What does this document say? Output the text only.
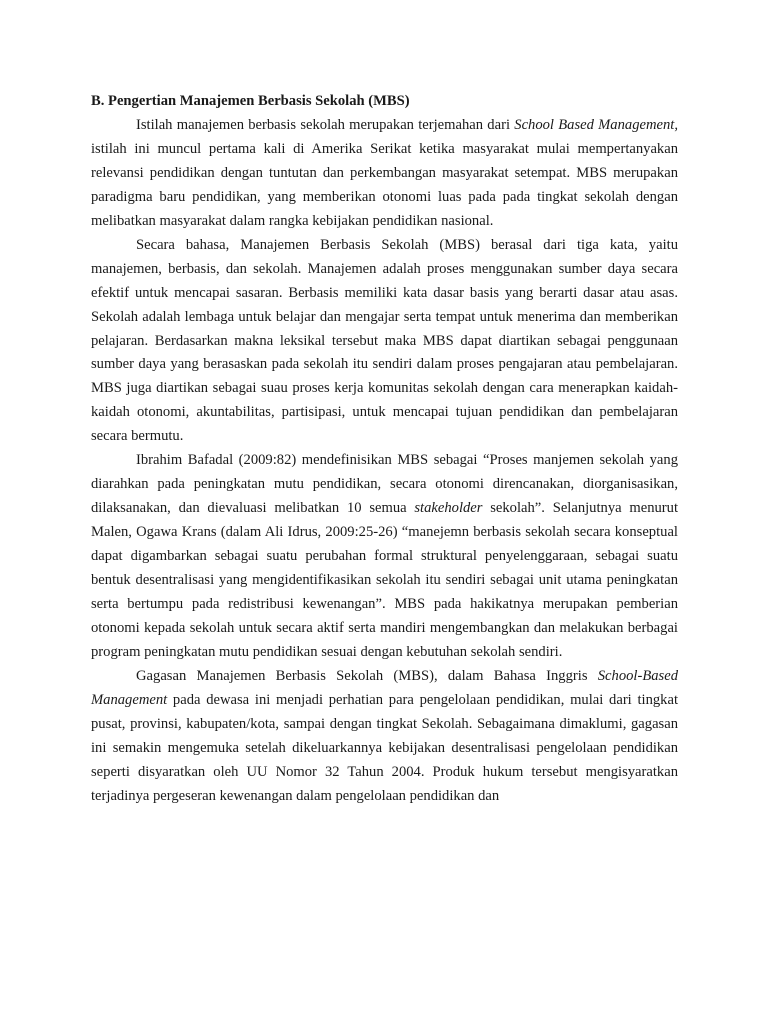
B. Pengertian Manajemen Berbasis Sekolah (MBS)

Istilah manajemen berbasis sekolah merupakan terjemahan dari School Based Management, istilah ini muncul pertama kali di Amerika Serikat ketika masyarakat mulai mempertanyakan relevansi pendidikan dengan tuntutan dan perkembangan masyarakat setempat. MBS merupakan paradigma baru pendidikan, yang memberikan otonomi luas pada pada tingkat sekolah dengan melibatkan masyarakat dalam rangka kebijakan pendidikan nasional.

Secara bahasa, Manajemen Berbasis Sekolah (MBS) berasal dari tiga kata, yaitu manajemen, berbasis, dan sekolah. Manajemen adalah proses menggunakan sumber daya secara efektif untuk mencapai sasaran. Berbasis memiliki kata dasar basis yang berarti dasar atau asas. Sekolah adalah lembaga untuk belajar dan mengajar serta tempat untuk menerima dan memberikan pelajaran. Berdasarkan makna leksikal tersebut maka MBS dapat diartikan sebagai penggunaan sumber daya yang berasaskan pada sekolah itu sendiri dalam proses pengajaran atau pembelajaran. MBS juga diartikan sebagai suau proses kerja komunitas sekolah dengan cara menerapkan kaidah-kaidah otonomi, akuntabilitas, partisipasi, untuk mencapai tujuan pendidikan dan pembelajaran secara bermutu.

Ibrahim Bafadal (2009:82) mendefinisikan MBS sebagai “Proses manjemen sekolah yang diarahkan pada peningkatan mutu pendidikan, secara otonomi direncanakan, diorganisasikan, dilaksanakan, dan dievaluasi melibatkan 10 semua stakeholder sekolah”. Selanjutnya menurut Malen, Ogawa Krans (dalam Ali Idrus, 2009:25-26) “manejemn berbasis sekolah secara konseptual dapat digambarkan sebagai suatu perubahan formal struktural penyelenggaraan, sebagai suatu bentuk desentralisasi yang mengidentifikasikan sekolah itu sendiri sebagai unit utama peningkatan serta bertumpu pada redistribusi kewenangan”. MBS pada hakikatnya merupakan pemberian otonomi kepada sekolah untuk secara aktif serta mandiri mengembangkan dan melakukan berbagai program peningkatan mutu pendidikan sesuai dengan kebutuhan sekolah sendiri.

Gagasan Manajemen Berbasis Sekolah (MBS), dalam Bahasa Inggris School-Based Management pada dewasa ini menjadi perhatian para pengelolaan pendidikan, mulai dari tingkat pusat, provinsi, kabupaten/kota, sampai dengan tingkat Sekolah. Sebagaimana dimaklumi, gagasan ini semakin mengemuka setelah dikeluarkannya kebijakan desentralisasi pengelolaan pendidikan seperti disyaratkan oleh UU Nomor 32 Tahun 2004. Produk hukum tersebut mengisyaratkan terjadinya pergeseran kewenangan dalam pengelolaan pendidikan dan
